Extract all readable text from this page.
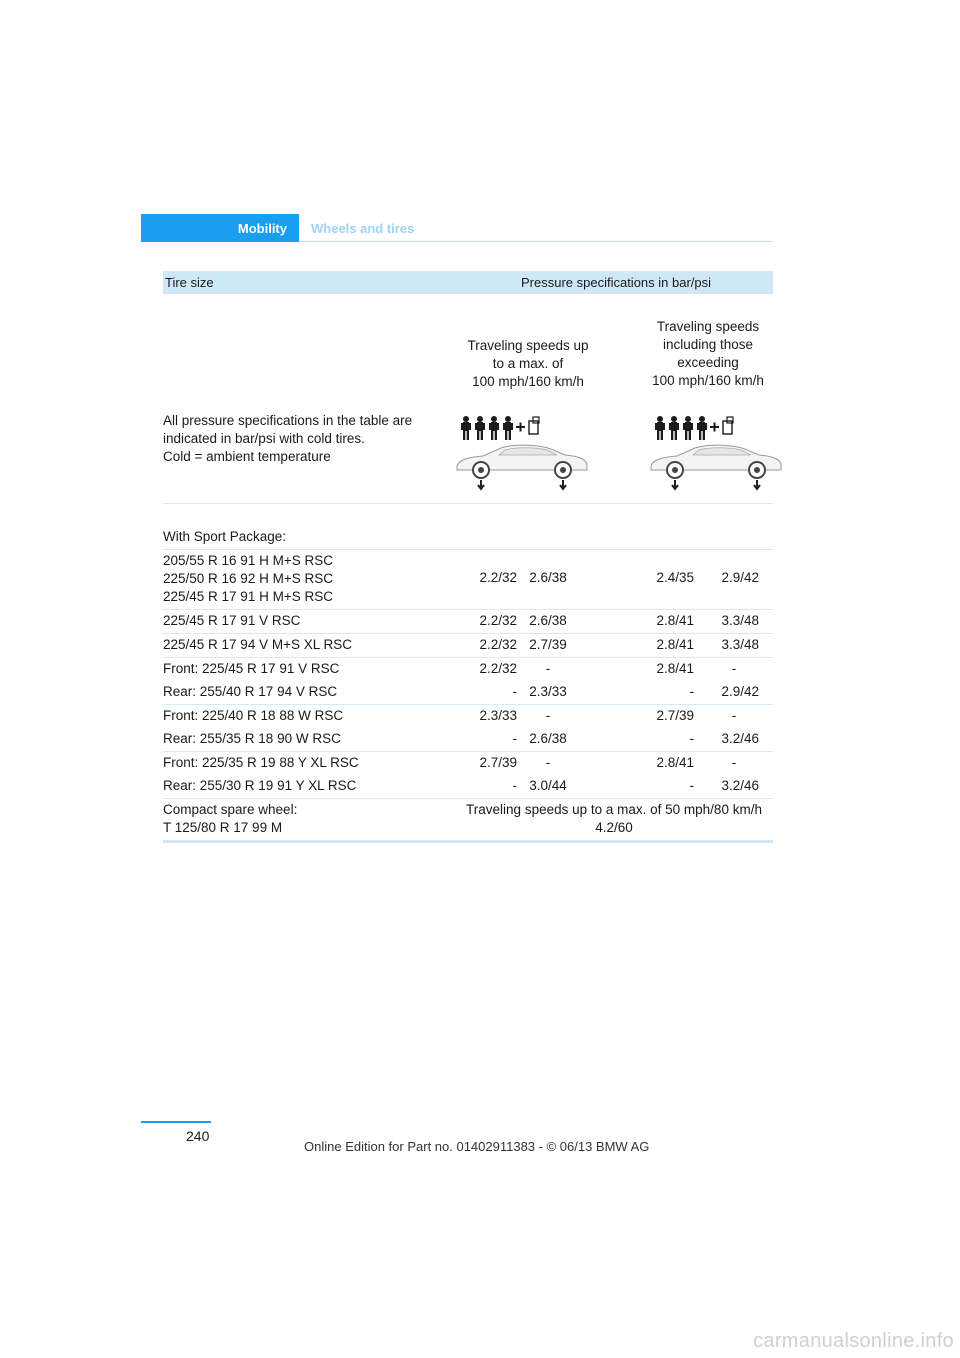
Mobility Wheels and tires
Tire size	Pressure specifications in bar/psi
Traveling speeds up
to a max. of
100 mph/160 km/h
Traveling speeds
including those
exceeding
100 mph/160 km/h
All pressure specifications in the table are
indicated in bar/psi with cold tires.
Cold = ambient temperature
With Sport Package:
205/55 R 16 91 H M+S RSC
225/50 R 16 92 H M+S RSC
225/45 R 17 91 H M+S RSC
2.2/32 2.6/38	2.4/35	2.9/42
225/45 R 17 91 V RSC	2.2/32 2.6/38	2.8/41	3.3/48
225/45 R 17 94 V M+S XL RSC	2.2/32 2.7/39	2.8/41	3.3/48
Front: 225/45 R 17 91 V RSC	2.2/32	-	2.8/41	-
Rear: 255/40 R 17 94 V RSC	- 2.3/33	-	2.9/42
Front: 225/40 R 18 88 W RSC	2.3/33	-	2.7/39	-
Rear: 255/35 R 18 90 W RSC	- 2.6/38	-	3.2/46
Front: 225/35 R 19 88 Y XL RSC	2.7/39	-	2.8/41	-
Rear: 255/30 R 19 91 Y XL RSC	- 3.0/44	-	3.2/46
Compact spare wheel:
T 125/80 R 17 99 M
Traveling speeds up to a max. of 50 mph/80 km/h
4.2/60
240
Online Edition for Part no. 01402911383 - © 06/13 BMW AG
carmanualsonline.info
